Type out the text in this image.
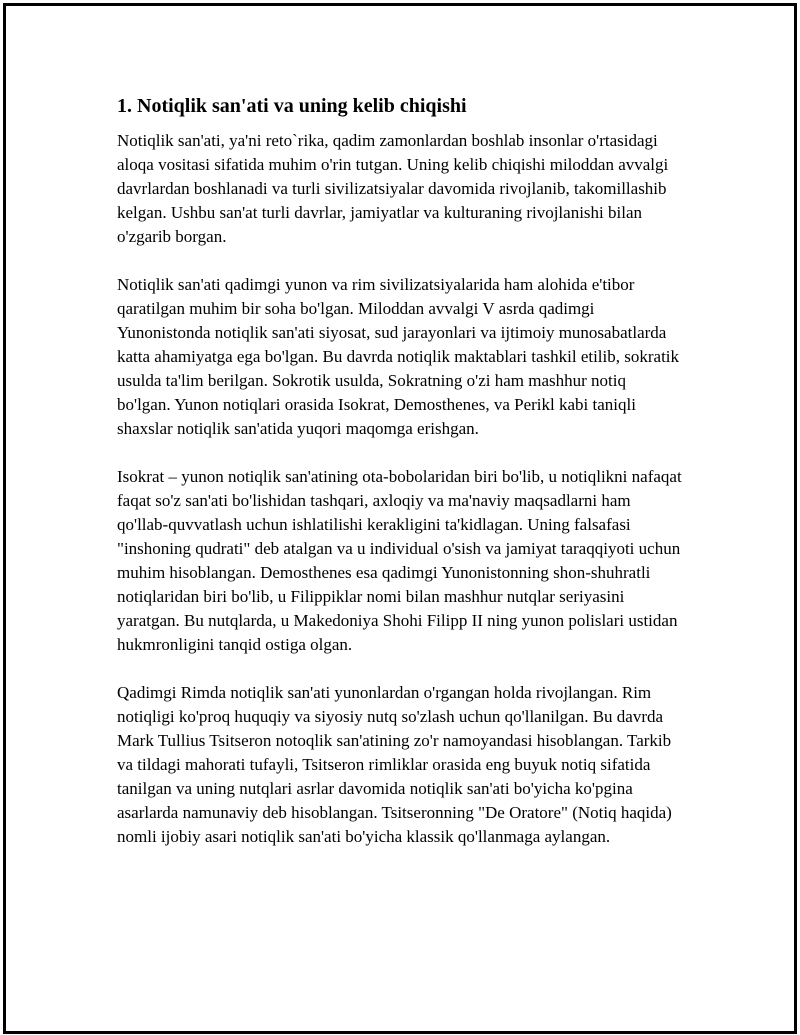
1. Notiqlik san'ati va uning kelib chiqishi

Notiqlik san'ati, ya'ni reto`rika, qadim zamonlardan boshlab insonlar o'rtasidagi aloqa vositasi sifatida muhim o'rin tutgan. Uning kelib chiqishi miloddan avvalgi davrlardan boshlanadi va turli sivilizatsiyalar davomida rivojlanib, takomillashib kelgan. Ushbu san'at turli davrlar, jamiyatlar va kulturaning rivojlanishi bilan o'zgarib borgan.

Notiqlik san'ati qadimgi yunon va rim sivilizatsiyalarida ham alohida e'tibor qaratilgan muhim bir soha bo'lgan. Miloddan avvalgi V asrda qadimgi Yunonistonda notiqlik san'ati siyosat, sud jarayonlari va ijtimoiy munosabatlarda katta ahamiyatga ega bo'lgan. Bu davrda notiqlik maktablari tashkil etilib, sokratik usulda ta'lim berilgan. Sokrotik usulda, Sokratning o'zi ham mashhur notiq bo'lgan. Yunon notiqlari orasida Isokrat, Demosthenes, va Perikl kabi taniqli shaxslar notiqlik san'atida yuqori maqomga erishgan.

Isokrat – yunon notiqlik san'atining ota-bobolaridan biri bo'lib, u notiqlikni nafaqat faqat so'z san'ati bo'lishidan tashqari, axloqiy va ma'naviy maqsadlarni ham qo'llab-quvvatlash uchun ishlatilishi kerakligini ta'kidlagan. Uning falsafasi "inshoning qudrati" deb atalgan va u individual o'sish va jamiyat taraqqiyoti uchun muhim hisoblangan. Demosthenes esa qadimgi Yunonistonning shon-shuhratli notiqlaridan biri bo'lib, u Filippiklar nomi bilan mashhur nutqlar seriyasini yaratgan. Bu nutqlarda, u Makedoniya Shohi Filipp II ning yunon polislari ustidan hukmronligini tanqid ostiga olgan.

Qadimgi Rimda notiqlik san'ati yunonlardan o'rgangan holda rivojlangan. Rim notiqligi ko'proq huquqiy va siyosiy nutq so'zlash uchun qo'llanilgan. Bu davrda Mark Tullius Tsitseron notoqlik san'atining zo'r namoyandasi hisoblangan. Tarkib va tildagi mahorati tufayli, Tsitseron rimliklar orasida eng buyuk notiq sifatida tanilgan va uning nutqlari asrlar davomida notiqlik san'ati bo'yicha ko'pgina asarlarda namunaviy deb hisoblangan. Tsitseronning "De Oratore" (Notiq haqida) nomli ijobiy asari notiqlik san'ati bo'yicha klassik qo'llanmaga aylangan.
